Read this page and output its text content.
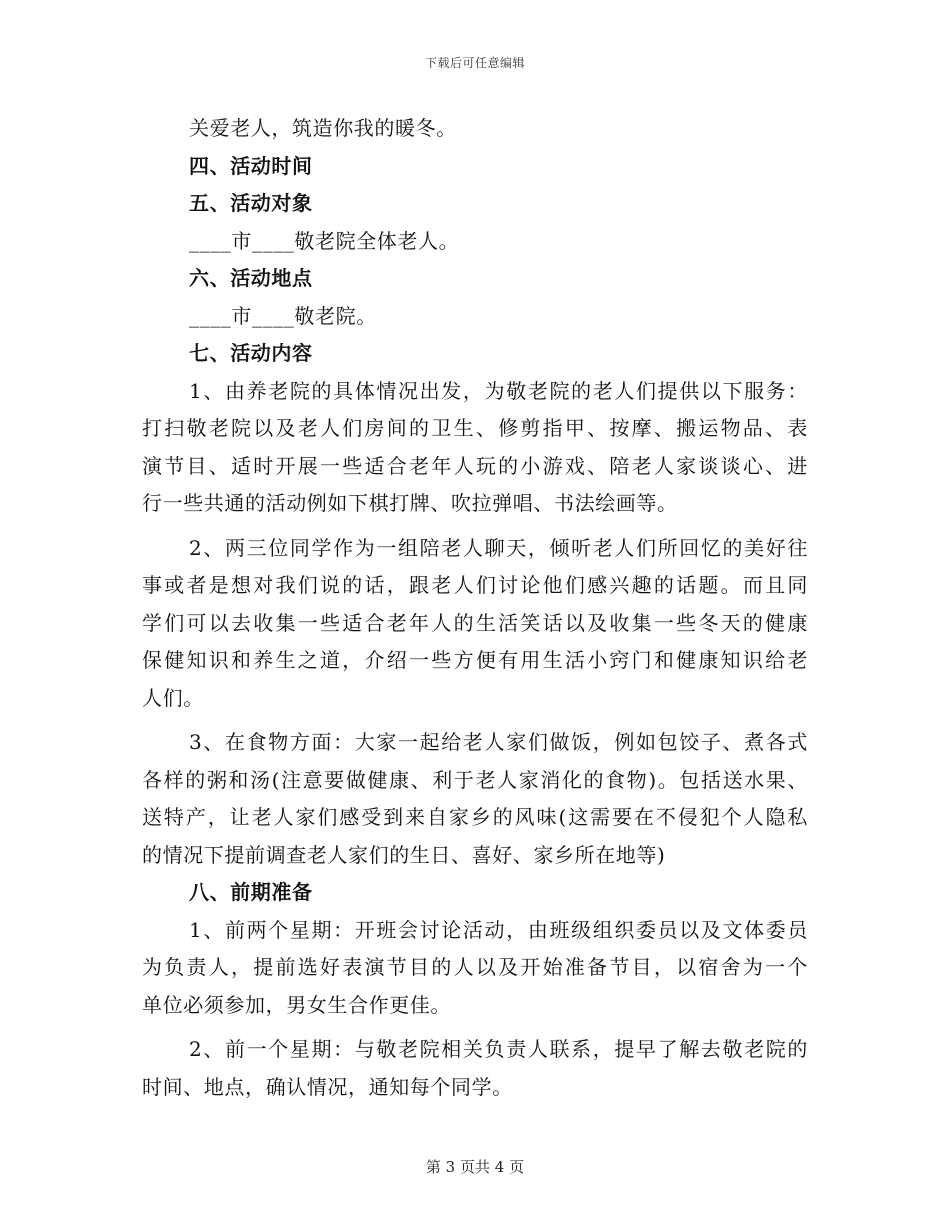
下载后可任意编辑
关爱老人，筑造你我的暖冬。
四、活动时间
五、活动对象
____市____敬老院全体老人。
六、活动地点
____市____敬老院。
七、活动内容
1、由养老院的具体情况出发，为敬老院的老人们提供以下服务：
打扫敬老院以及老人们房间的卫生、修剪指甲、按摩、搬运物品、表
演节目、适时开展一些适合老年人玩的小游戏、陪老人家谈谈心、进
行一些共通的活动例如下棋打牌、吹拉弹唱、书法绘画等。
2、两三位同学作为一组陪老人聊天，倾听老人们所回忆的美好往
事或者是想对我们说的话，跟老人们讨论他们感兴趣的话题。而且同
学们可以去收集一些适合老年人的生活笑话以及收集一些冬天的健康
保健知识和养生之道，介绍一些方便有用生活小窍门和健康知识给老
人们。
3、在食物方面：大家一起给老人家们做饭，例如包饺子、煮各式
各样的粥和汤(注意要做健康、利于老人家消化的食物)。包括送水果、
送特产，让老人家们感受到来自家乡的风味(这需要在不侵犯个人隐私
的情况下提前调查老人家们的生日、喜好、家乡所在地等)
八、前期准备
1、前两个星期：开班会讨论活动，由班级组织委员以及文体委员
为负责人，提前选好表演节目的人以及开始准备节目，以宿舍为一个
单位必须参加，男女生合作更佳。
2、前一个星期：与敬老院相关负责人联系，提早了解去敬老院的
时间、地点，确认情况，通知每个同学。
第 3 页共 4 页
